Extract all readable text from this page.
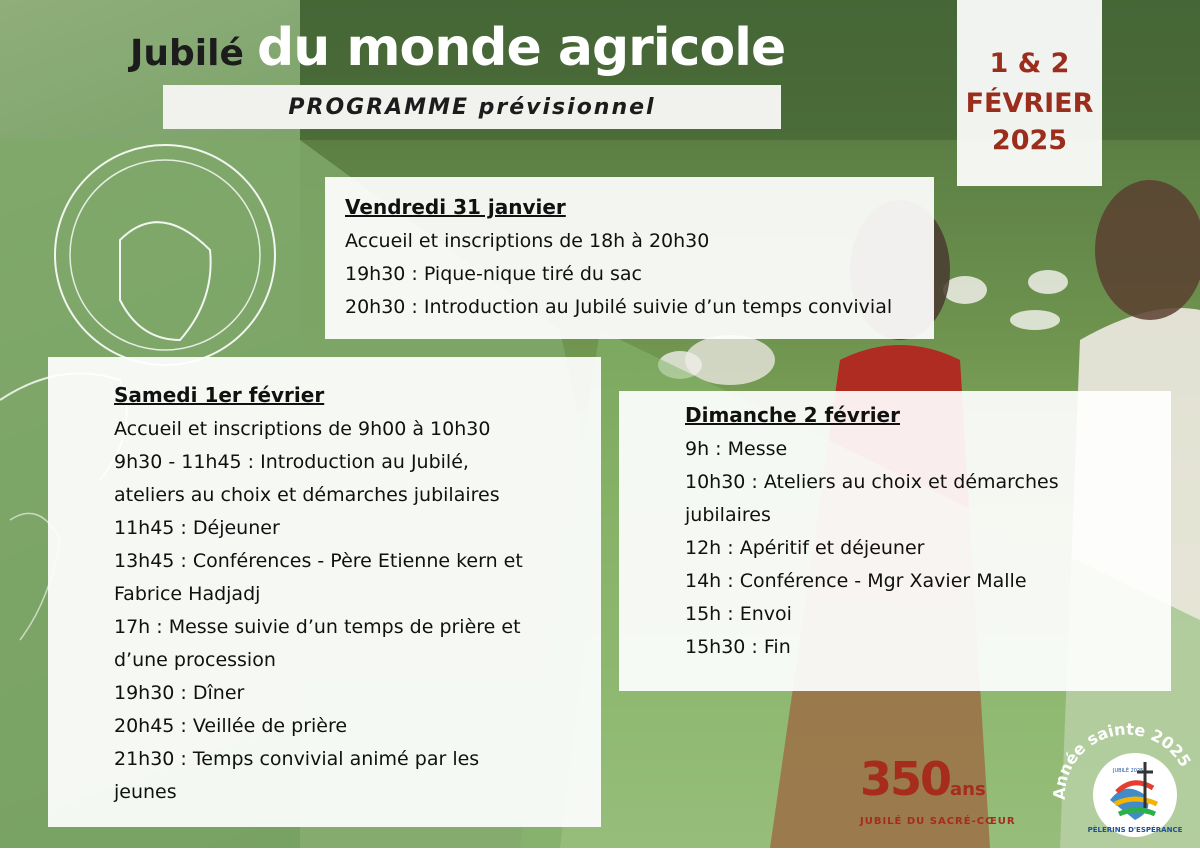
Jubilé du monde agricole
PROGRAMME prévisionnel
1 & 2
FÉVRIER
2025
Vendredi 31 janvier
Accueil et inscriptions de 18h à 20h30
19h30 : Pique-nique tiré du sac
20h30 : Introduction au Jubilé suivie d’un temps convivial
Samedi 1er février
Accueil et inscriptions de 9h00 à 10h30
9h30 - 11h45 : Introduction au Jubilé,
ateliers au choix et démarches jubilaires
11h45 : Déjeuner
13h45 : Conférences - Père Etienne kern et
Fabrice Hadjadj
17h : Messe suivie d’un temps de prière et
d’une procession
19h30 : Dîner
20h45 : Veillée de prière
21h30 : Temps convivial animé par les
jeunes
Dimanche 2 février
9h : Messe
10h30 : Ateliers au choix et démarches
jubilaires
12h : Apéritif et déjeuner
14h : Conférence - Mgr Xavier Malle
15h : Envoi
15h30 : Fin
350ans
JUBILÉ DU SACRÉ-CŒUR
Année sainte 2025
PÈLERINS D'ESPÉRANCE
JUBILÉ 2025
